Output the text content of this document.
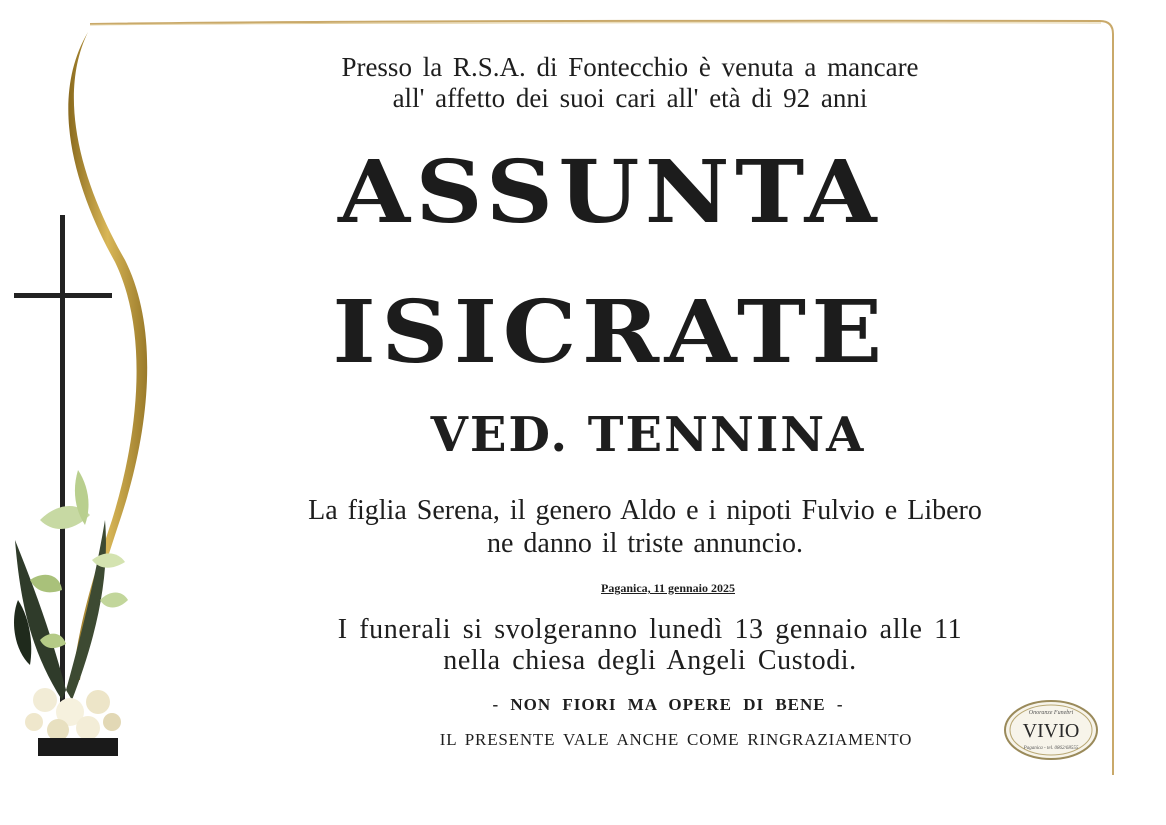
Presso la R.S.A. di Fontecchio è venuta a mancare
all' affetto dei suoi cari all' età di 92 anni
ASSUNTA
ISICRATE
VED. TENNINA
La figlia Serena, il genero Aldo e i nipoti Fulvio e Libero
ne danno il triste annuncio.
Paganica, 11 gennaio 2025
I funerali si svolgeranno lunedì 13 gennaio alle 11
nella chiesa degli Angeli Custodi.
- NON FIORI MA OPERE DI BENE -
IL PRESENTE VALE ANCHE COME RINGRAZIAMENTO
Onoranze Funebri
VIVIO
Paganica - tel. 0862/68555
